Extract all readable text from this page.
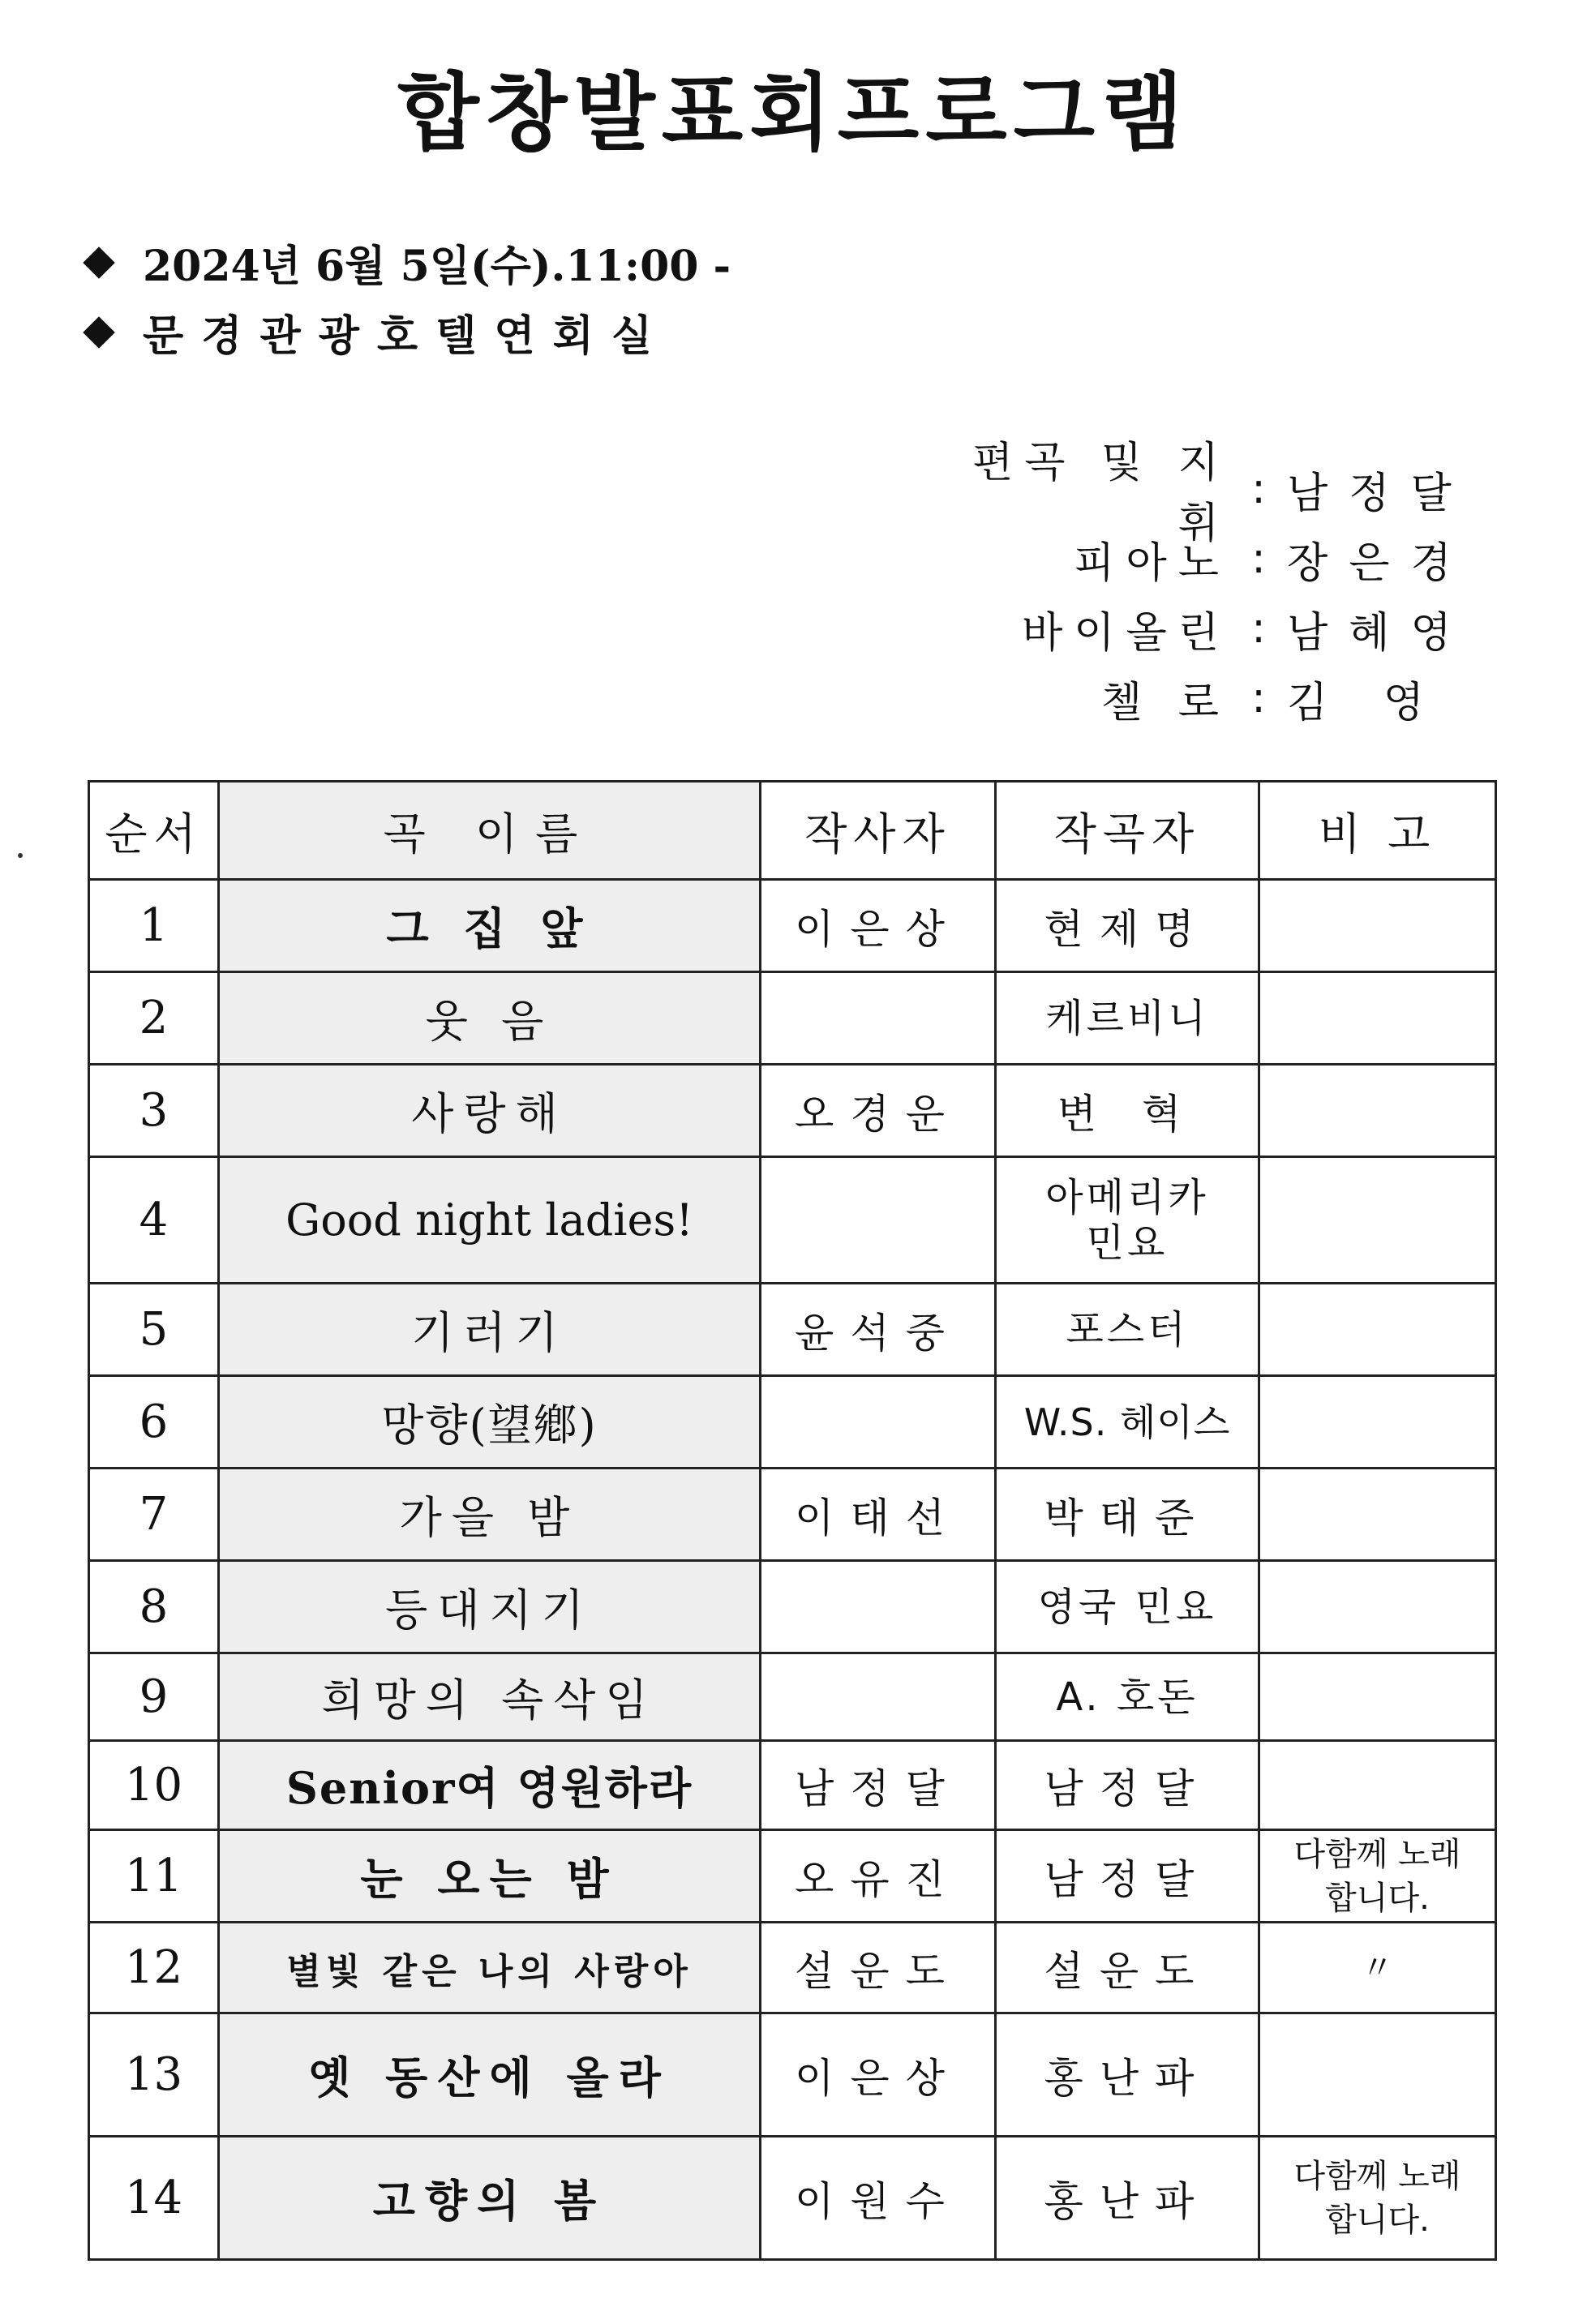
합창발표회프로그램
2024년 6월 5일(수).11:00 -
문경관광호텔연회실
편곡 및 지휘
: 남정달
피아노 : 장은경
바이올린 : 남혜영
첼 로 : 김 영
순서	곡 이름	작사자	작곡자	비 고
1	그 집 앞	이은상	현제명	
2	웃 음		케르비니	
3	사랑해	오경운	변 혁	
4	Good night ladies!		아메리카 민요	
5	기러기	윤석중	포스터	
6	망향(望鄕)		W.S. 헤이스	
7	가을 밤	이태선	박태준	
8	등대지기		영국 민요	
9	희망의 속삭임		A. 호돈	
10	Senior여 영원하라	남정달	남정달	
11	눈 오는 밤	오유진	남정달	다함께 노래합니다.
12	별빛 같은 나의 사랑아	설운도	설운도	〃
13	옛 동산에 올라	이은상	홍난파	
14	고향의 봄	이원수	홍난파	다함께 노래합니다.
